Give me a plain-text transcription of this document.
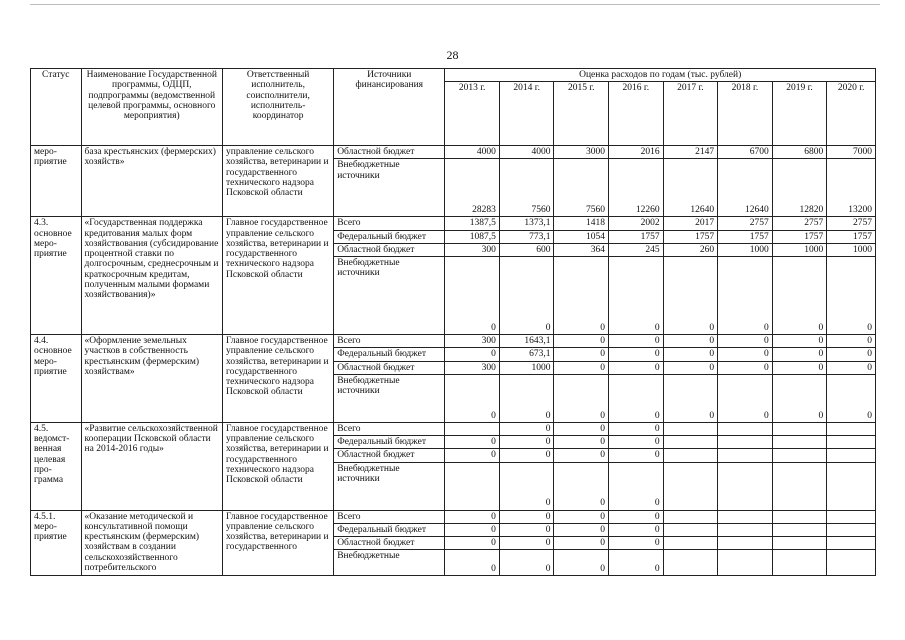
28
Статус	Наименование Государственной программы, ОДЦП, подпрограммы (ведомственной целевой программы, основного мероприятия)	Ответственный исполнитель, соисполнители, исполнитель-координатор	Источники финансирования	Оценка расходов по годам (тыс. рублей)							
				2013 г.	2014 г.	2015 г.	2016 г.	2017 г.	2018 г.	2019 г.	2020 г.
меро-приятие	база крестьянских (фермерских) хозяйств»	управление сельского хозяйства, ветеринарии и государственного технического надзора Псковской области	Областной бюджет	4000	4000	3000	2016	2147	6700	6800	7000
			Внебюджетные источники	28283	7560	7560	12260	12640	12640	12820	13200
4.3. основное меро-приятие	«Государственная поддержка кредитования малых форм хозяйствования (субсидирование процентной ставки по долгосрочным, среднесрочным и краткосрочным кредитам, полученным малыми формами хозяйствования)»	Главное государственное управление сельского хозяйства, ветеринарии и государственного технического надзора Псковской области	Всего	1387,5	1373,1	1418	2002	2017	2757	2757	2757
			Федеральный бюджет	1087,5	773,1	1054	1757	1757	1757	1757	1757
			Областной бюджет	300	600	364	245	260	1000	1000	1000
			Внебюджетные источники	0	0	0	0	0	0	0	0
4.4. основное меро-приятие	«Оформление земельных участков в собственность крестьянским (фермерским) хозяйствам»	Главное государственное управление сельского хозяйства, ветеринарии и государственного технического надзора Псковской области	Всего	300	1643,1	0	0	0	0	0	0
			Федеральный бюджет	0	673,1	0	0	0	0	0	0
			Областной бюджет	300	1000	0	0	0	0	0	0
			Внебюджетные источники	0	0	0	0	0	0	0	0
4.5. ведомст-венная целевая про-грамма	«Развитие сельскохозяйственной кооперации Псковской области на 2014-2016 годы»	Главное государственное управление сельского хозяйства, ветеринарии и государственного технического надзора Псковской области	Всего		0	0	0				
			Федеральный бюджет	0	0	0	0				
			Областной бюджет	0	0	0	0				
			Внебюджетные источники		0	0	0				
4.5.1. меро-приятие	«Оказание методической и консультативной помощи крестьянским (фермерским) хозяйствам в создании сельскохозяйственного потребительского	Главное государственное управление сельского хозяйства, ветеринарии и государственного	Всего	0	0	0	0				
			Федеральный бюджет	0	0	0	0				
			Областной бюджет	0	0	0	0				
			Внебюджетные	0	0	0	0				
